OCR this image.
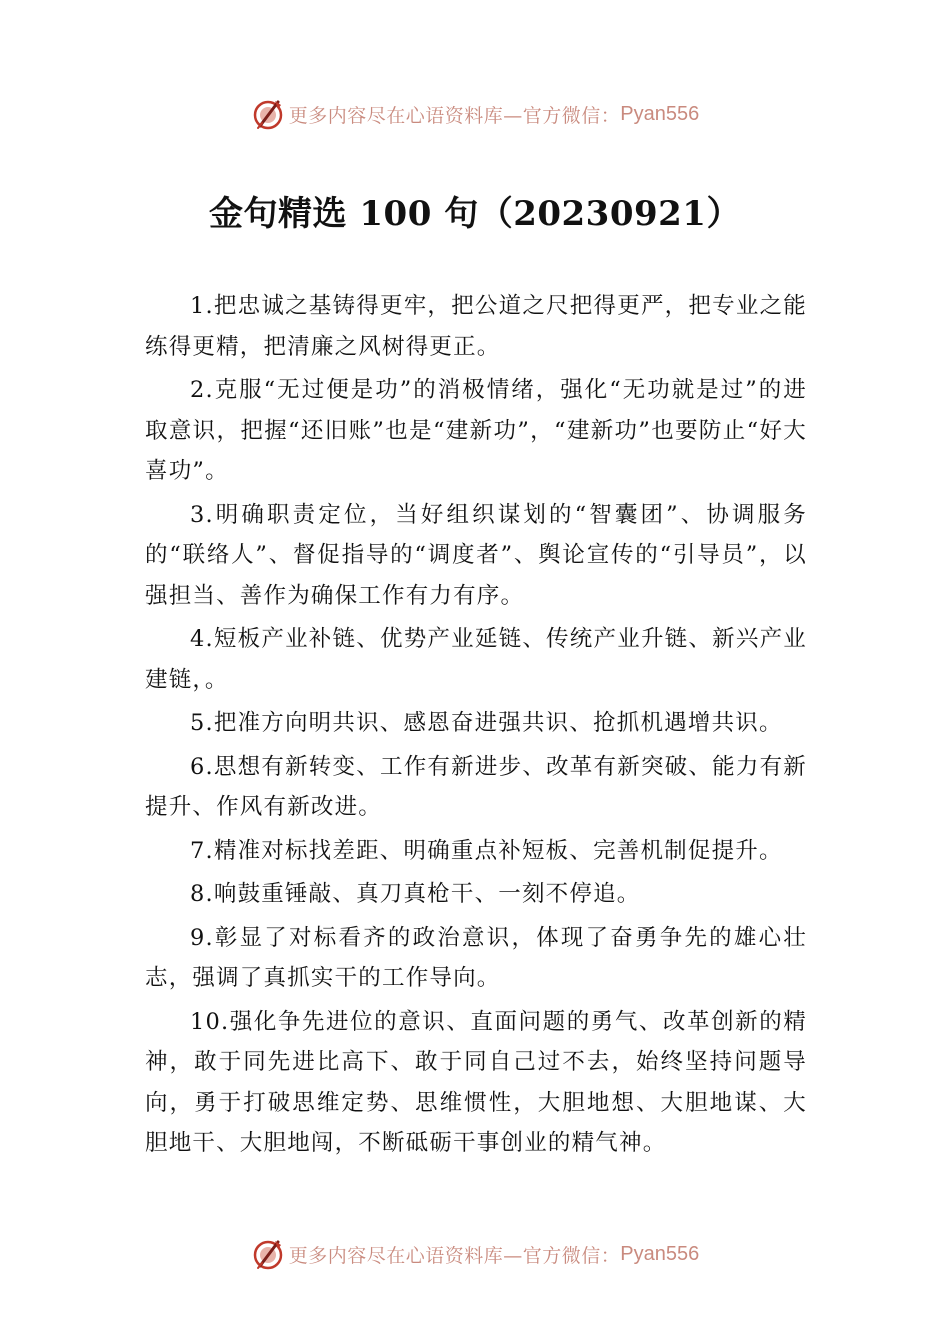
更多内容尽在心语资料库—官方微信： Pyan556
金句精选 100 句（20230921）

1.把忠诚之基铸得更牢，把公道之尺把得更严，把专业之能练得更精，把清廉之风树得更正。

2.克服“无过便是功”的消极情绪，强化“无功就是过”的进取意识，把握“还旧账”也是“建新功”，“建新功”也要防止“好大喜功”。

3.明确职责定位，当好组织谋划的“智囊团”、协调服务的“联络人”、督促指导的“调度者”、舆论宣传的“引导员”，以强担当、善作为确保工作有力有序。

4.短板产业补链、优势产业延链、传统产业升链、新兴产业建链，。

5.把准方向明共识、感恩奋进强共识、抢抓机遇增共识。

6.思想有新转变、工作有新进步、改革有新突破、能力有新提升、作风有新改进。

7.精准对标找差距、明确重点补短板、完善机制促提升。

8.响鼓重锤敲、真刀真枪干、一刻不停追。

9.彰显了对标看齐的政治意识，体现了奋勇争先的雄心壮志，强调了真抓实干的工作导向。

10.强化争先进位的意识、直面问题的勇气、改革创新的精神，敢于同先进比高下、敢于同自己过不去，始终坚持问题导向，勇于打破思维定势、思维惯性，大胆地想、大胆地谋、大胆地干、大胆地闯，不断砥砺干事创业的精气神。

更多内容尽在心语资料库—官方微信： Pyan556
